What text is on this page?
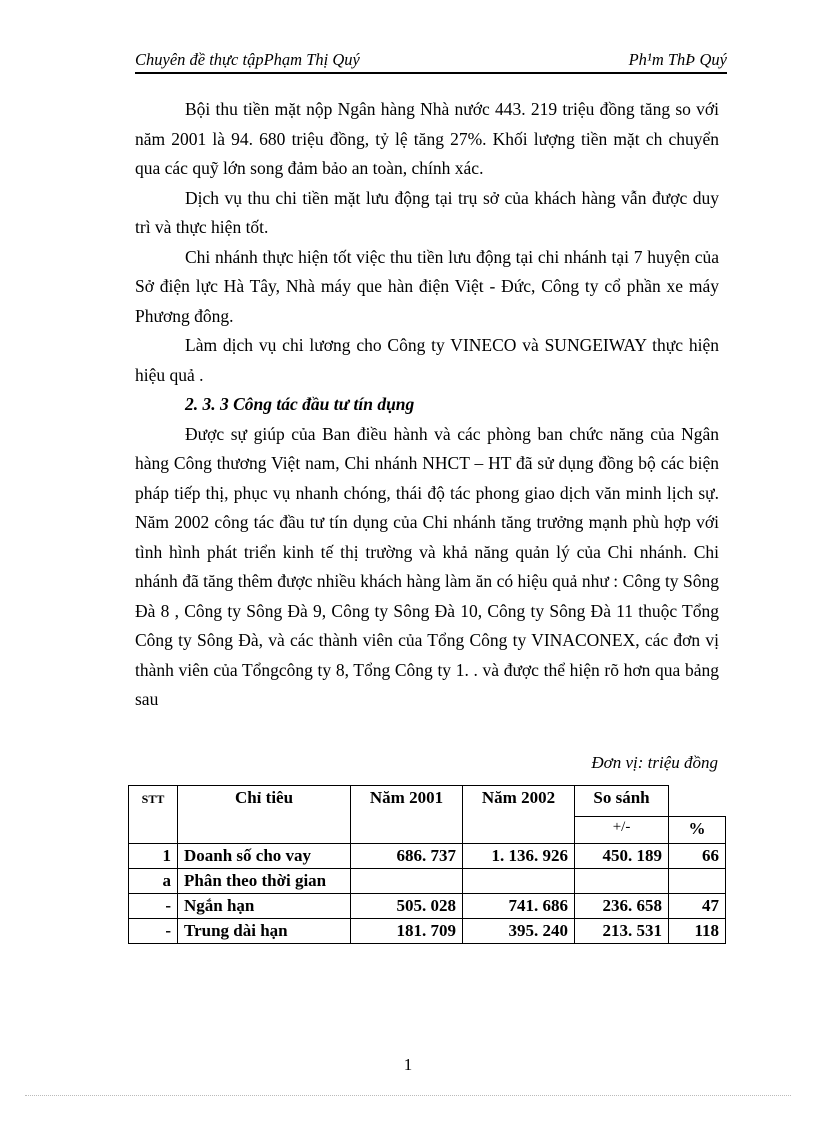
Chuyên đề thực tậpPhạm Thị Quý	Ph¹m ThÞ Quý

Bội thu tiền mặt nộp Ngân hàng Nhà nước 443. 219 triệu đồng tăng so với năm 2001 là 94. 680 triệu đồng, tỷ lệ tăng 27%. Khối lượng tiền mặt ch chuyển qua các quỹ lớn song đảm bảo an toàn, chính xác.

Dịch vụ thu chi tiền mặt lưu động tại trụ sở của khách hàng vẫn được duy trì và thực hiện tốt.

Chi nhánh thực hiện tốt việc thu tiền lưu động tại chi nhánh tại 7 huyện của Sở điện lực Hà Tây, Nhà máy que hàn điện Việt - Đức, Công ty cổ phần xe máy Phương đông.

Làm dịch vụ chi lương cho Công ty VINECO và SUNGEIWAY thực hiện hiệu quả .

2. 3. 3 Công tác đầu tư tín dụng

Được sự giúp của Ban điều hành và các phòng ban chức năng của Ngân hàng Công thương Việt nam, Chi nhánh NHCT – HT đã sử dụng đồng bộ các biện pháp tiếp thị, phục vụ nhanh chóng, thái độ tác phong giao dịch văn minh lịch sự. Năm 2002 công tác đầu tư tín dụng của Chi nhánh tăng trưởng mạnh phù hợp với tình hình phát triển kinh tế thị trường và khả năng quản lý của Chi nhánh. Chi nhánh đã tăng thêm được nhiều khách hàng làm ăn có hiệu quả như : Công ty Sông Đà 8 , Công ty Sông Đà 9, Công ty Sông Đà 10, Công ty Sông Đà 11 thuộc Tổng Công ty Sông Đà, và các thành viên của Tổng Công ty VINACONEX, các đơn vị thành viên của Tổngcông ty 8, Tổng Công ty 1. . và được thể hiện rõ hơn qua bảng sau

Đơn vị: triệu đồng
STT	Chỉ tiêu	Năm 2001	Năm 2002	So sánh	
				+/-	%
1	Doanh số cho vay	686. 737	1. 136. 926	450. 189	66
a	Phân theo thời gian				
-	Ngắn hạn	505. 028	741. 686	236. 658	47
-	Trung dài hạn	181. 709	395. 240	213. 531	118
1
